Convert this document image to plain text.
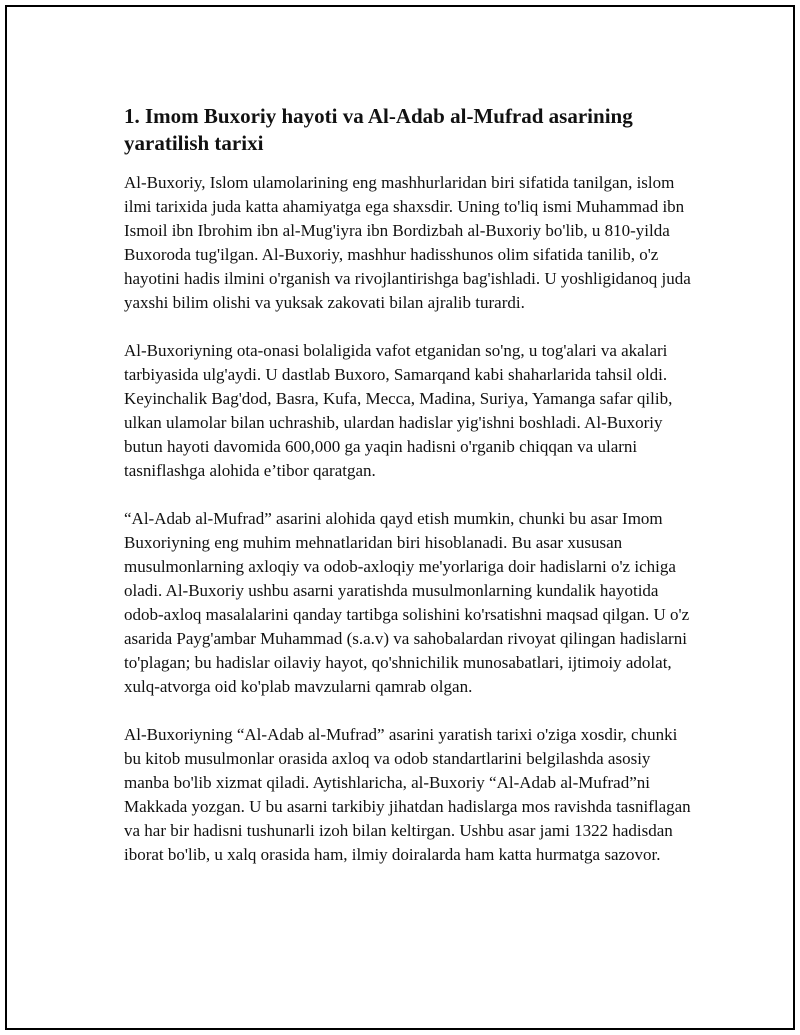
1. Imom Buxoriy hayoti va Al-Adab al-Mufrad asarining yaratilish tarixi

Al-Buxoriy, Islom ulamolarining eng mashhurlaridan biri sifatida tanilgan, islom ilmi tarixida juda katta ahamiyatga ega shaxsdir. Uning to'liq ismi Muhammad ibn Ismoil ibn Ibrohim ibn al-Mug'iyra ibn Bordizbah al-Buxoriy bo'lib, u 810-yilda Buxoroda tug'ilgan. Al-Buxoriy, mashhur hadisshunos olim sifatida tanilib, o'z hayotini hadis ilmini o'rganish va rivojlantirishga bag'ishladi. U yoshligidanoq juda yaxshi bilim olishi va yuksak zakovati bilan ajralib turardi.

Al-Buxoriyning ota-onasi bolaligida vafot etganidan so'ng, u tog'alari va akalari tarbiyasida ulg'aydi. U dastlab Buxoro, Samarqand kabi shaharlarida tahsil oldi. Keyinchalik Bag'dod, Basra, Kufa, Mecca, Madina, Suriya, Yamanga safar qilib, ulkan ulamolar bilan uchrashib, ulardan hadislar yig'ishni boshladi. Al-Buxoriy butun hayoti davomida 600,000 ga yaqin hadisni o'rganib chiqqan va ularni tasniflashga alohida e’tibor qaratgan.

“Al-Adab al-Mufrad” asarini alohida qayd etish mumkin, chunki bu asar Imom Buxoriyning eng muhim mehnatlaridan biri hisoblanadi. Bu asar xususan musulmonlarning axloqiy va odob-axloqiy me'yorlariga doir hadislarni o'z ichiga oladi. Al-Buxoriy ushbu asarni yaratishda musulmonlarning kundalik hayotida odob-axloq masalalarini qanday tartibga solishini ko'rsatishni maqsad qilgan. U o'z asarida Payg'ambar Muhammad (s.a.v) va sahobalardan rivoyat qilingan hadislarni to'plagan; bu hadislar oilaviy hayot, qo'shnichilik munosabatlari, ijtimoiy adolat, xulq-atvorga oid ko'plab mavzularni qamrab olgan.

Al-Buxoriyning “Al-Adab al-Mufrad” asarini yaratish tarixi o'ziga xosdir, chunki bu kitob musulmonlar orasida axloq va odob standartlarini belgilashda asosiy manba bo'lib xizmat qiladi. Aytishlaricha, al-Buxoriy “Al-Adab al-Mufrad”ni Makkada yozgan. U bu asarni tarkibiy jihatdan hadislarga mos ravishda tasniflagan va har bir hadisni tushunarli izoh bilan keltirgan. Ushbu asar jami 1322 hadisdan iborat bo'lib, u xalq orasida ham, ilmiy doiralarda ham katta hurmatga sazovor.
